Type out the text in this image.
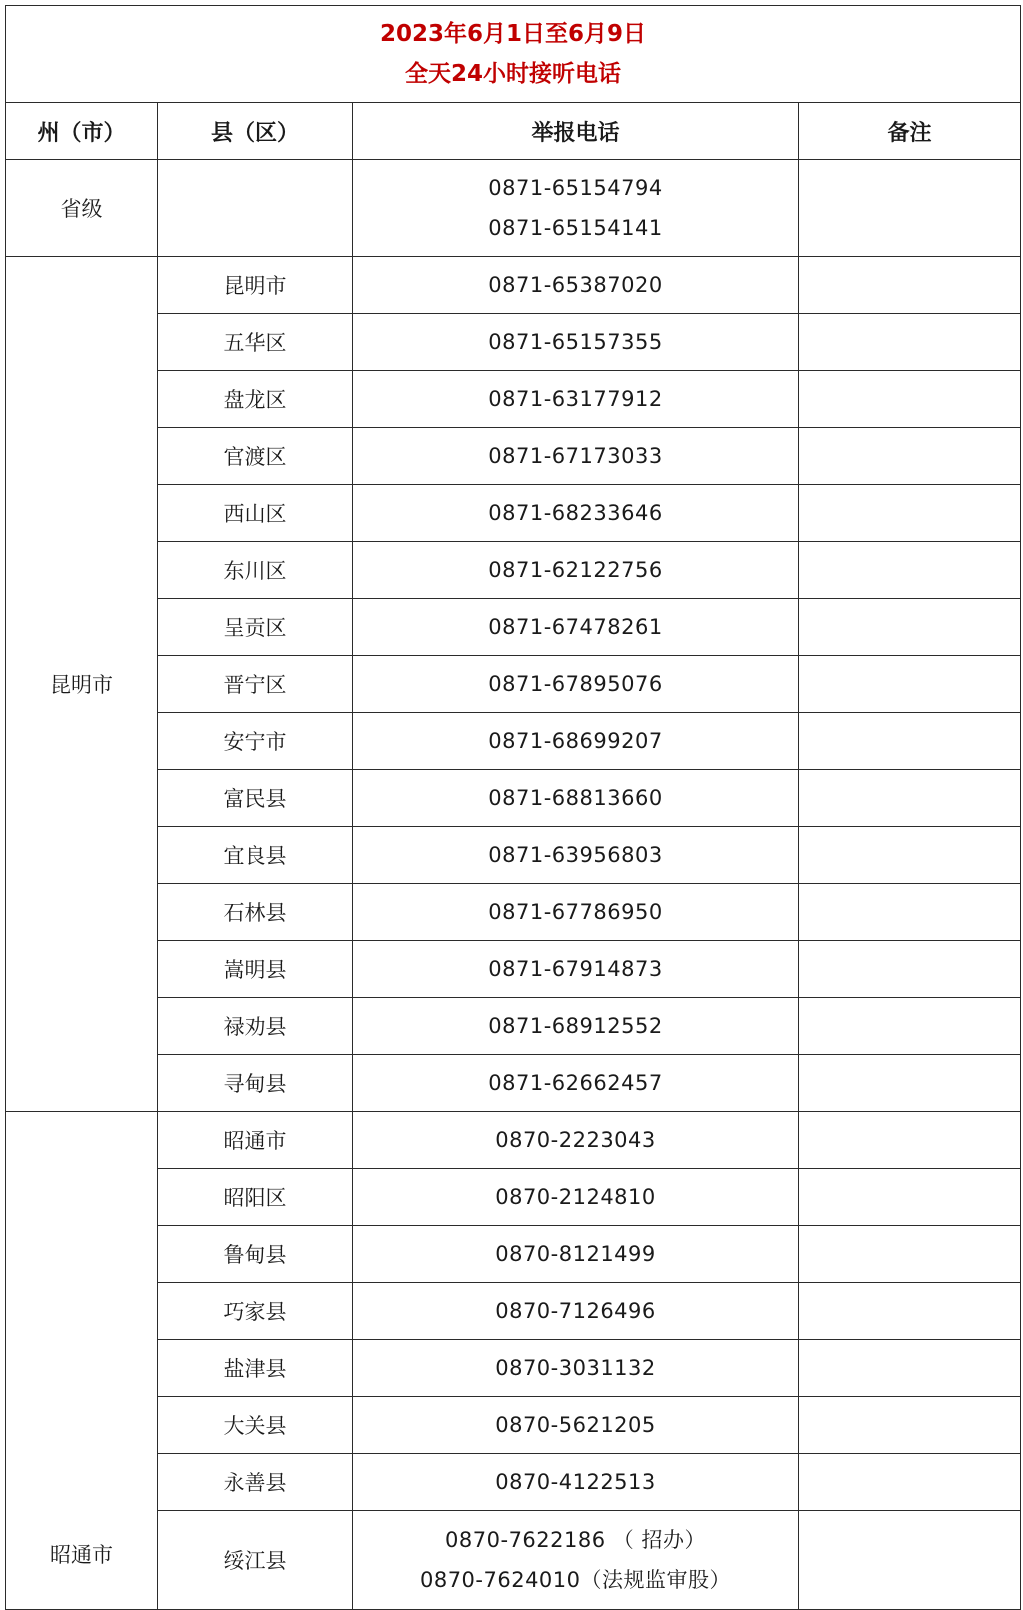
2023年6月1日至6月9日
全天24小时接听电话			

州（市）	县（区）	举报电话	备注
省级		0871-65154794
0871-65154141	

昆明市	昆明市	0871-65387020	
	五华区	0871-65157355	
	盘龙区	0871-63177912	
	官渡区	0871-67173033	
	西山区	0871-68233646	
	东川区	0871-62122756	
	呈贡区	0871-67478261	
	晋宁区	0871-67895076	
	安宁市	0871-68699207	
	富民县	0871-68813660	
	宜良县	0871-63956803	
	石林县	0871-67786950	
	嵩明县	0871-67914873	
	禄劝县	0871-68912552	
	寻甸县	0871-62662457	
昭通市	昭通市	0870-2223043	
	昭阳区	0870-2124810	
	鲁甸县	0870-8121499	
	巧家县	0870-7126496	
	盐津县	0870-3031132	
	大关县	0870-5621205	
	永善县	0870-4122513	
	绥江县	0870-7622186 （ 招办）
0870-7624010（法规监审股）	
